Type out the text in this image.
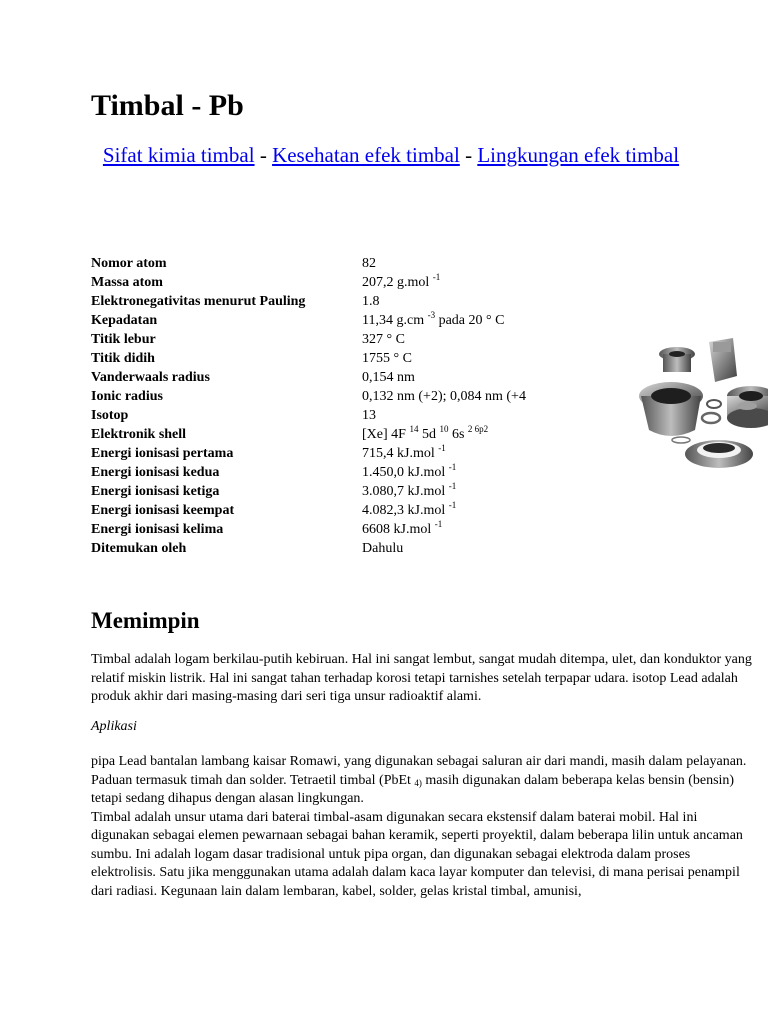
Timbal - Pb
Sifat kimia timbal - Kesehatan efek timbal - Lingkungan efek timbal
Nomor atom	82
Massa atom	207,2 g.mol $^{-1}$
Elektronegativitas menurut Pauling	1.8
Kepadatan	11,34 g.cm $^{-3}$ pada 20 ° C
Titik lebur	327 ° C
Titik didih	1755 ° C
Vanderwaals radius	0,154 nm
Ionic radius	0,132 nm (+2); 0,084 nm (+4
Isotop	13
Elektronik shell	[Xe] 4F $^{14}$ 5d $^{10}$ 6s $^{2 6p2}$
Energi ionisasi pertama	715,4 kJ.mol $^{-1}$
Energi ionisasi kedua	1.450,0 kJ.mol $^{-1}$
Energi ionisasi ketiga	3.080,7 kJ.mol $^{-1}$
Energi ionisasi keempat	4.082,3 kJ.mol $^{-1}$
Energi ionisasi kelima	6608 kJ.mol $^{-1}$
Ditemukan oleh	Dahulu
Memimpin

Timbal adalah logam berkilau-putih kebiruan. Hal ini sangat lembut, sangat mudah ditempa, ulet, dan konduktor yang relatif miskin listrik. Hal ini sangat tahan terhadap korosi tetapi tarnishes setelah terpapar udara. isotop Lead adalah produk akhir dari masing-masing dari seri tiga unsur radioaktif alami.

Aplikasi

pipa Lead bantalan lambang kaisar Romawi, yang digunakan sebagai saluran air dari mandi, masih dalam pelayanan. Paduan termasuk timah dan solder. Tetraetil timbal (PbEt $_{4)}$ masih digunakan dalam beberapa kelas bensin (bensin) tetapi sedang dihapus dengan alasan lingkungan.
Timbal adalah unsur utama dari baterai timbal-asam digunakan secara ekstensif dalam baterai mobil. Hal ini digunakan sebagai elemen pewarnaan sebagai bahan keramik, seperti proyektil, dalam beberapa lilin untuk ancaman sumbu. Ini adalah logam dasar tradisional untuk pipa organ, dan digunakan sebagai elektroda dalam proses elektrolisis. Satu jika menggunakan utama adalah dalam kaca layar komputer dan televisi, di mana perisai penampil dari radiasi. Kegunaan lain dalam lembaran, kabel, solder, gelas kristal timbal, amunisi,
